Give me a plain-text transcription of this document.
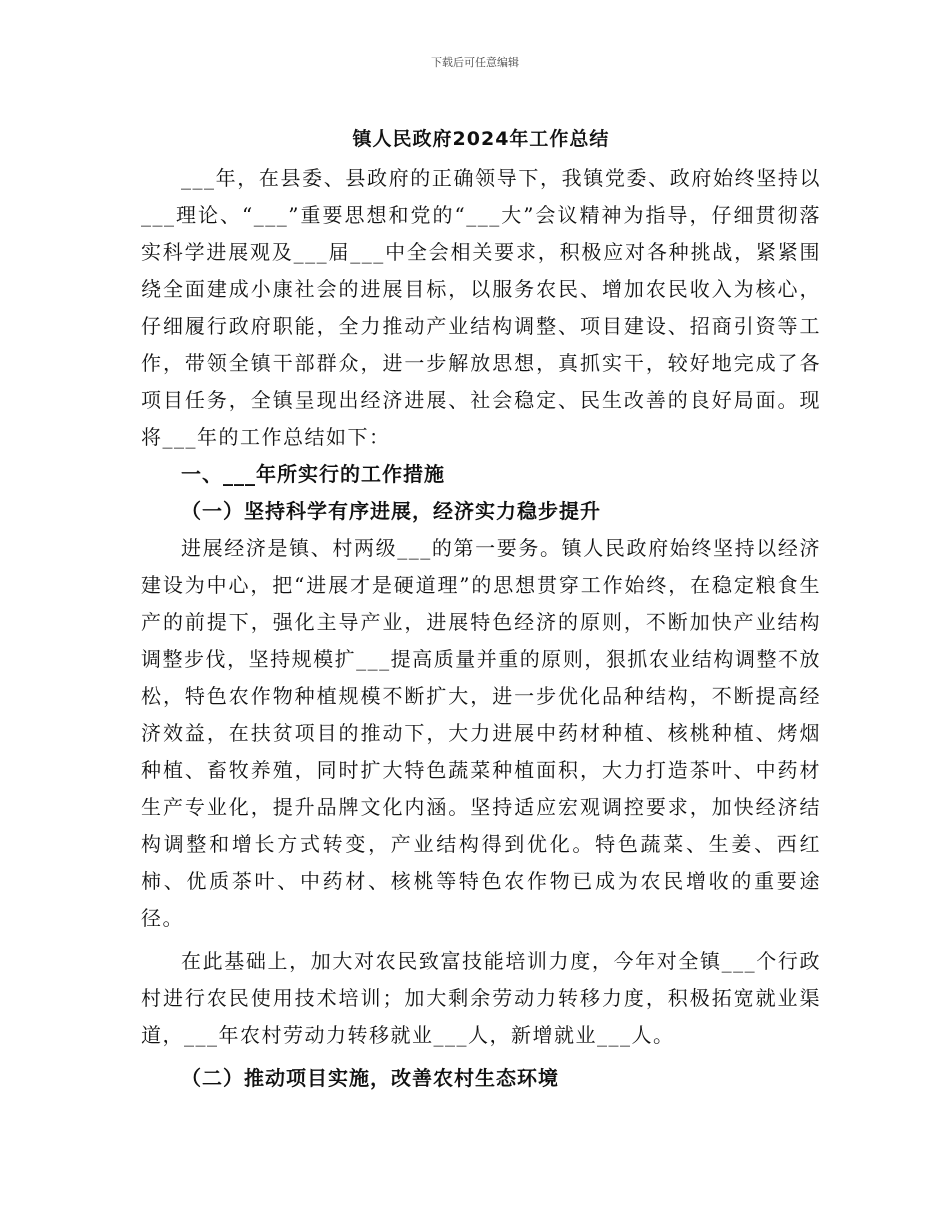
下载后可任意编辑
镇人民政府2024年工作总结

___年，在县委、县政府的正确领导下，我镇党委、政府始终坚持以___理论、“___”重要思想和党的“___大”会议精神为指导，仔细贯彻落实科学进展观及___届___中全会相关要求，积极应对各种挑战，紧紧围绕全面建成小康社会的进展目标，以服务农民、增加农民收入为核心，仔细履行政府职能，全力推动产业结构调整、项目建设、招商引资等工作，带领全镇干部群众，进一步解放思想，真抓实干，较好地完成了各项目任务，全镇呈现出经济进展、社会稳定、民生改善的良好局面。现将___年的工作总结如下：

一、___年所实行的工作措施

（一）坚持科学有序进展，经济实力稳步提升

进展经济是镇、村两级___的第一要务。镇人民政府始终坚持以经济建设为中心，把“进展才是硬道理”的思想贯穿工作始终，在稳定粮食生产的前提下，强化主导产业，进展特色经济的原则，不断加快产业结构调整步伐，坚持规模扩___提高质量并重的原则，狠抓农业结构调整不放松，特色农作物种植规模不断扩大，进一步优化品种结构，不断提高经济效益，在扶贫项目的推动下，大力进展中药材种植、核桃种植、烤烟种植、畜牧养殖，同时扩大特色蔬菜种植面积，大力打造茶叶、中药材生产专业化，提升品牌文化内涵。坚持适应宏观调控要求，加快经济结构调整和增长方式转变，产业结构得到优化。特色蔬菜、生姜、西红柿、优质茶叶、中药材、核桃等特色农作物已成为农民增收的重要途径。

在此基础上，加大对农民致富技能培训力度，今年对全镇___个行政村进行农民使用技术培训；加大剩余劳动力转移力度，积极拓宽就业渠道，___年农村劳动力转移就业___人，新增就业___人。

（二）推动项目实施，改善农村生态环境
